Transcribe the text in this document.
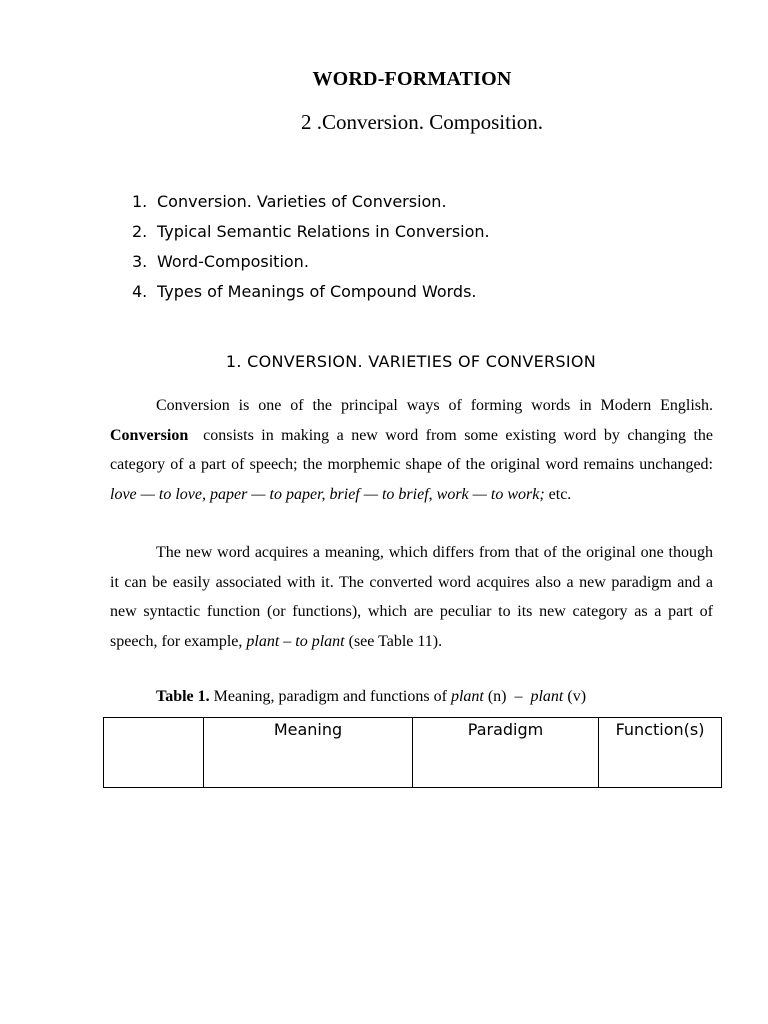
WORD-FORMATION
2 .Conversion. Composition.
1. Conversion. Varieties of Conversion.
2. Typical Semantic Relations in Conversion.
3. Word-Composition.
4. Types of Meanings of Compound Words.
1. CONVERSION. VARIETIES OF CONVERSION

Conversion is one of the principal ways of forming words in Modern English. Conversion consists in making a new word from some existing word by changing the category of a part of speech; the morphemic shape of the original word remains unchanged: love — to love, paper — to paper, brief — to brief, work — to work; etc.

The new word acquires a meaning, which differs from that of the original one though it can be easily associated with it. The converted word acquires also a new paradigm and a new syntactic function (or functions), which are peculiar to its new category as a part of speech, for example, plant – to plant (see Table 11).

Table 1. Meaning, paradigm and functions of plant (n) – plant (v)
	Meaning	Paradigm	Function(s)
